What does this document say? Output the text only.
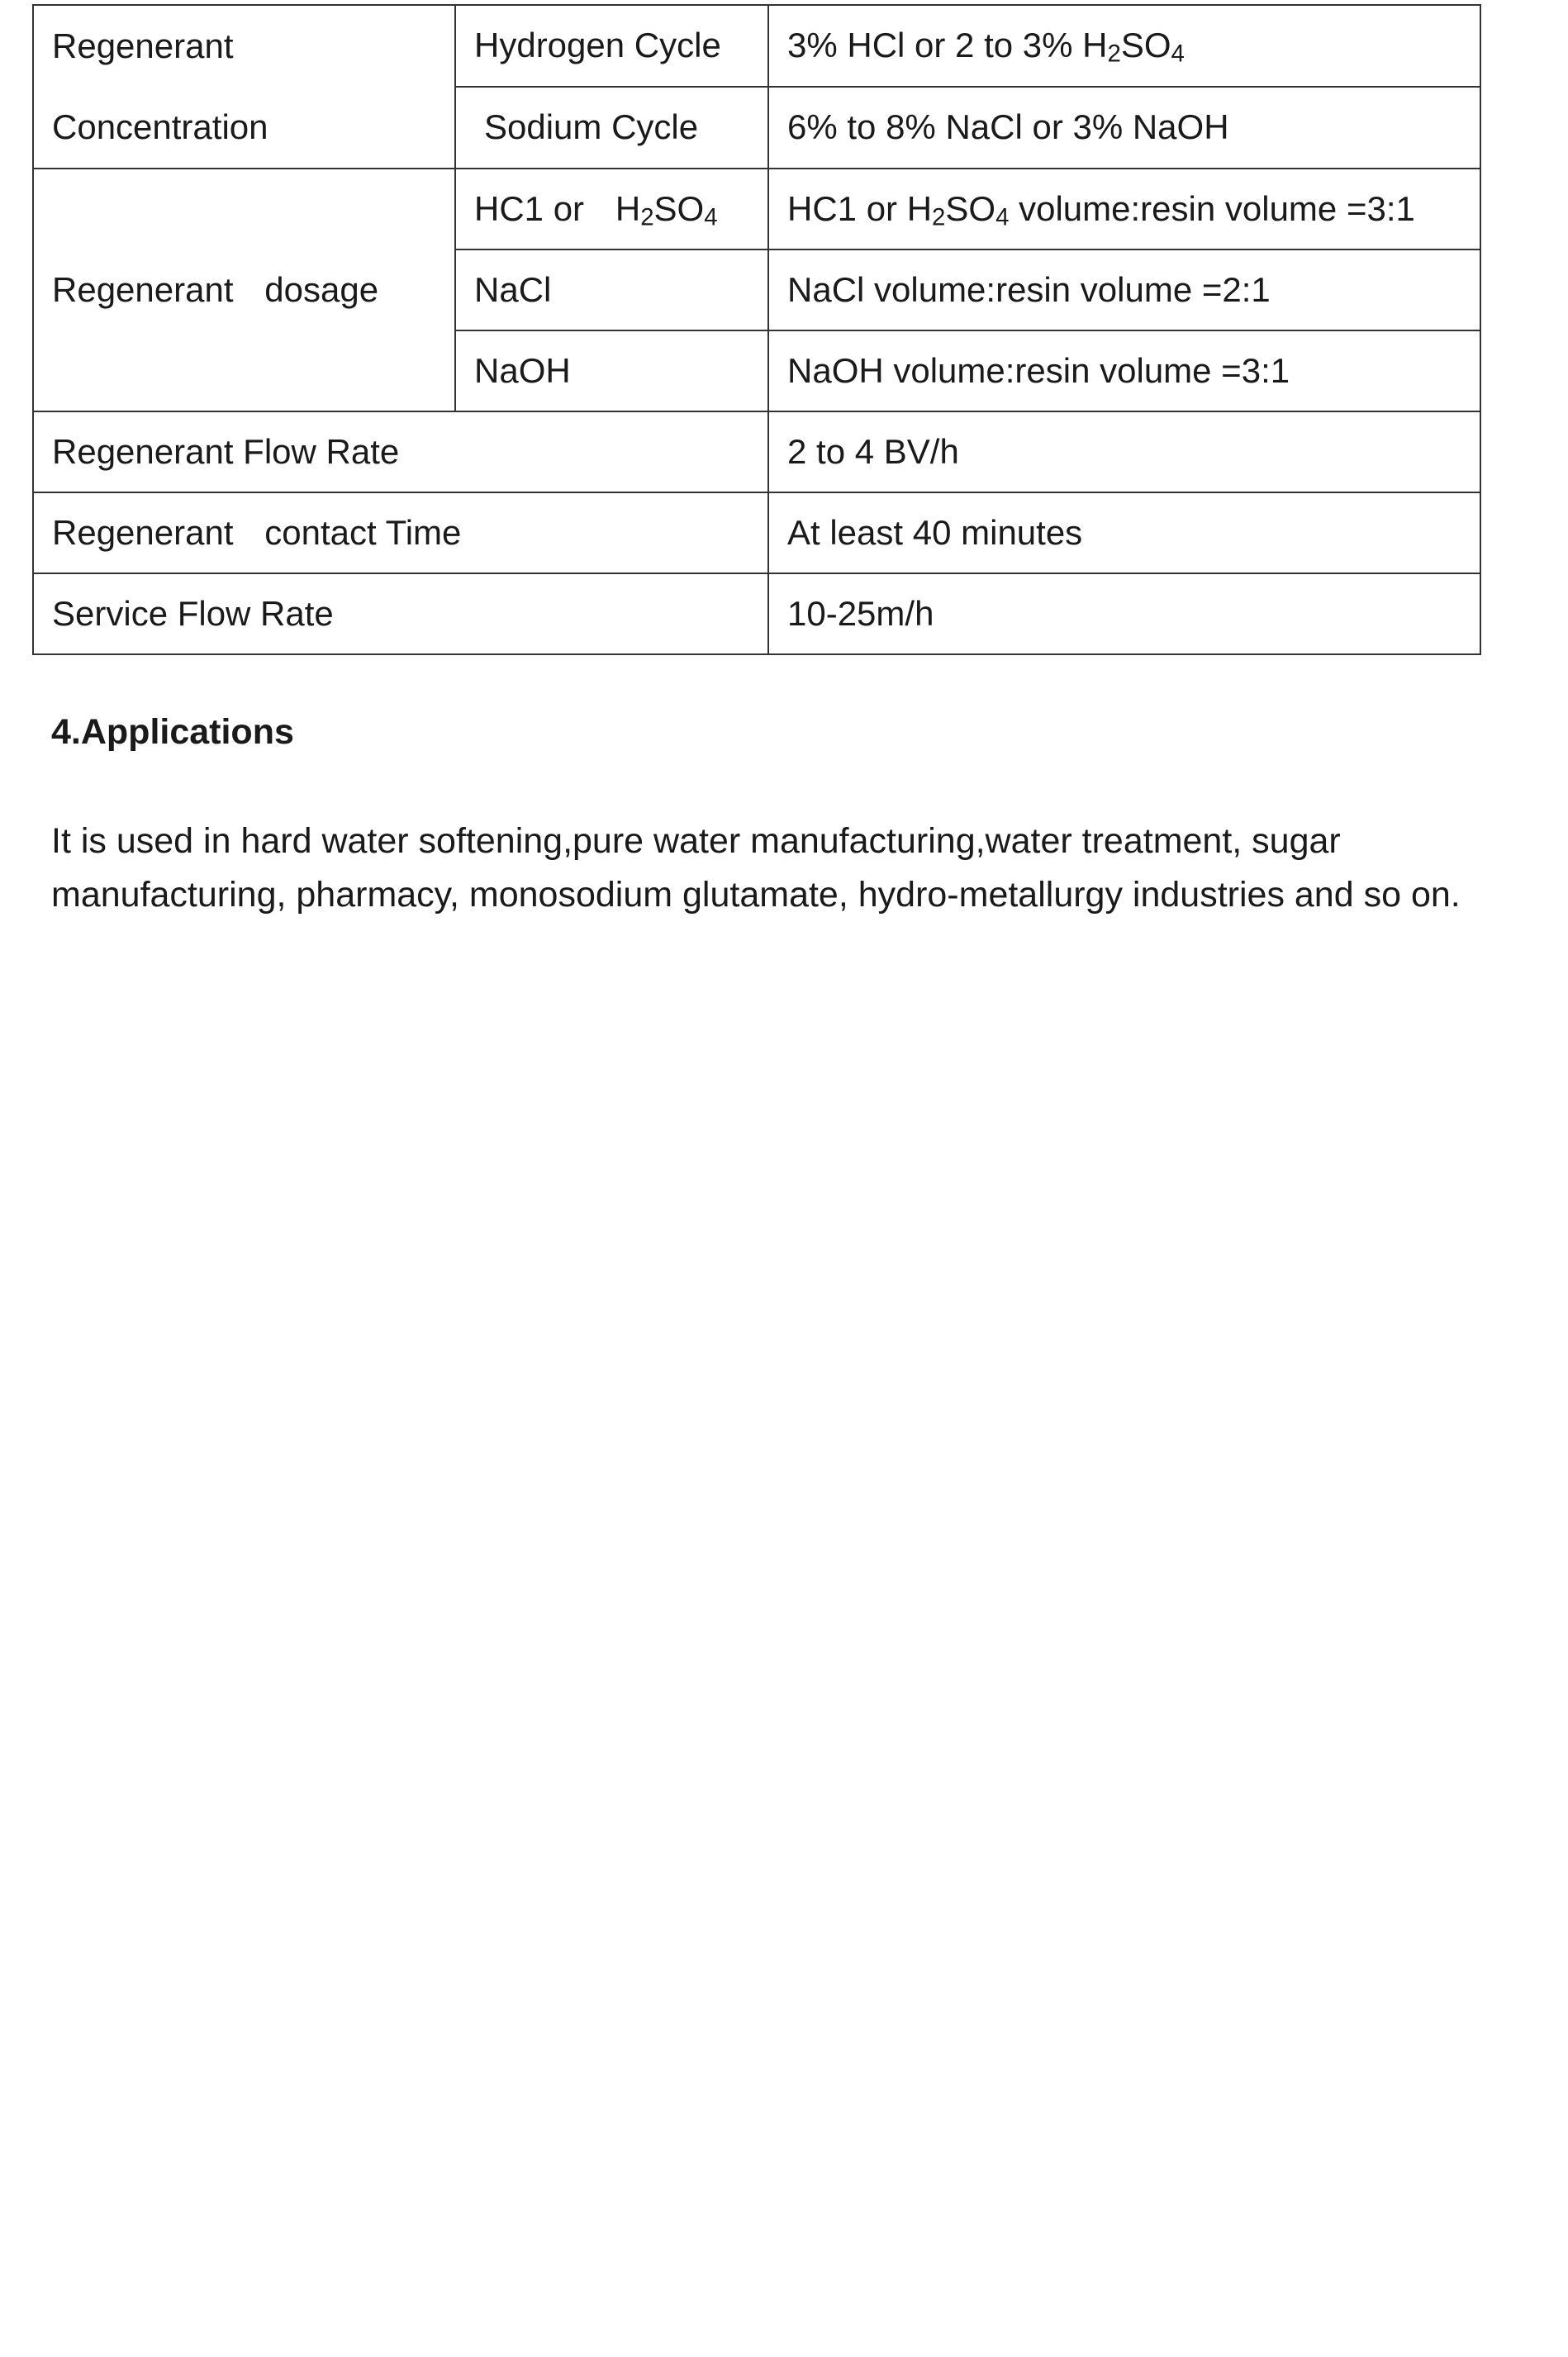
Regenerant
Concentration	Hydrogen Cycle	3% HCl or 2 to 3% H2SO4
	Sodium Cycle	6% to 8% NaCl or 3% NaOH
Regenerant dosage	HC1 or H2SO4	HC1 or H2SO4 volume:resin volume =3:1
	NaCl	NaCl volume:resin volume =2:1
	NaOH	NaOH volume:resin volume =3:1
Regenerant Flow Rate		2 to 4 BV/h
Regenerant contact Time		At least 40 minutes
Service Flow Rate		10-25m/h
4.Applications

It is used in hard water softening,pure water manufacturing,water treatment, sugar
manufacturing, pharmacy, monosodium glutamate, hydro-metallurgy industries and so on.
